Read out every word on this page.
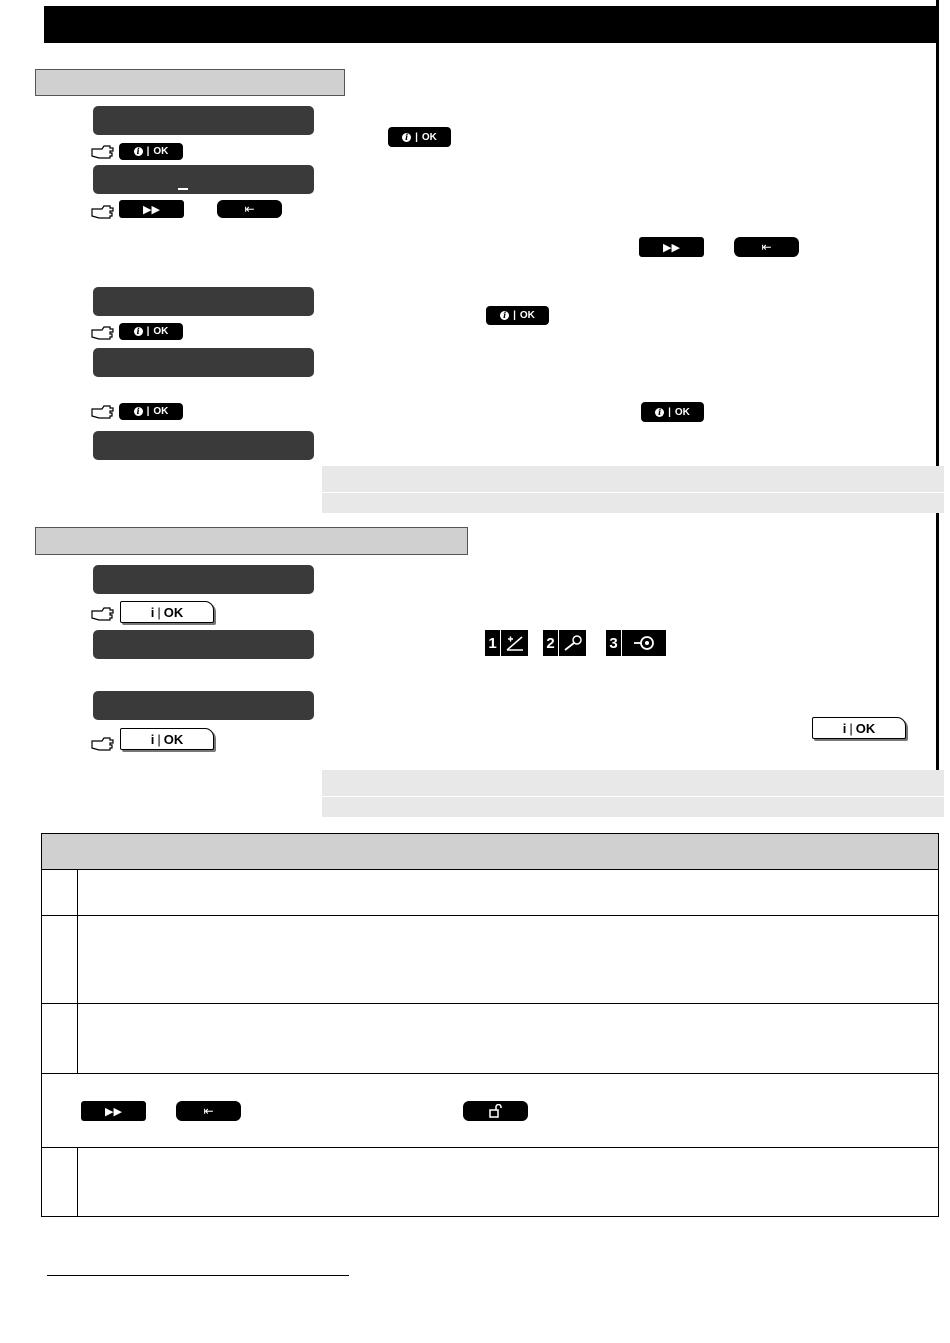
i | OK
i | OK
i | OK
▶▶	⇤
i | OK
▶▶	⇤
i | OK
i | OK
i | OK
i | OK
i | OK
1	2	3
▶▶	⇤
